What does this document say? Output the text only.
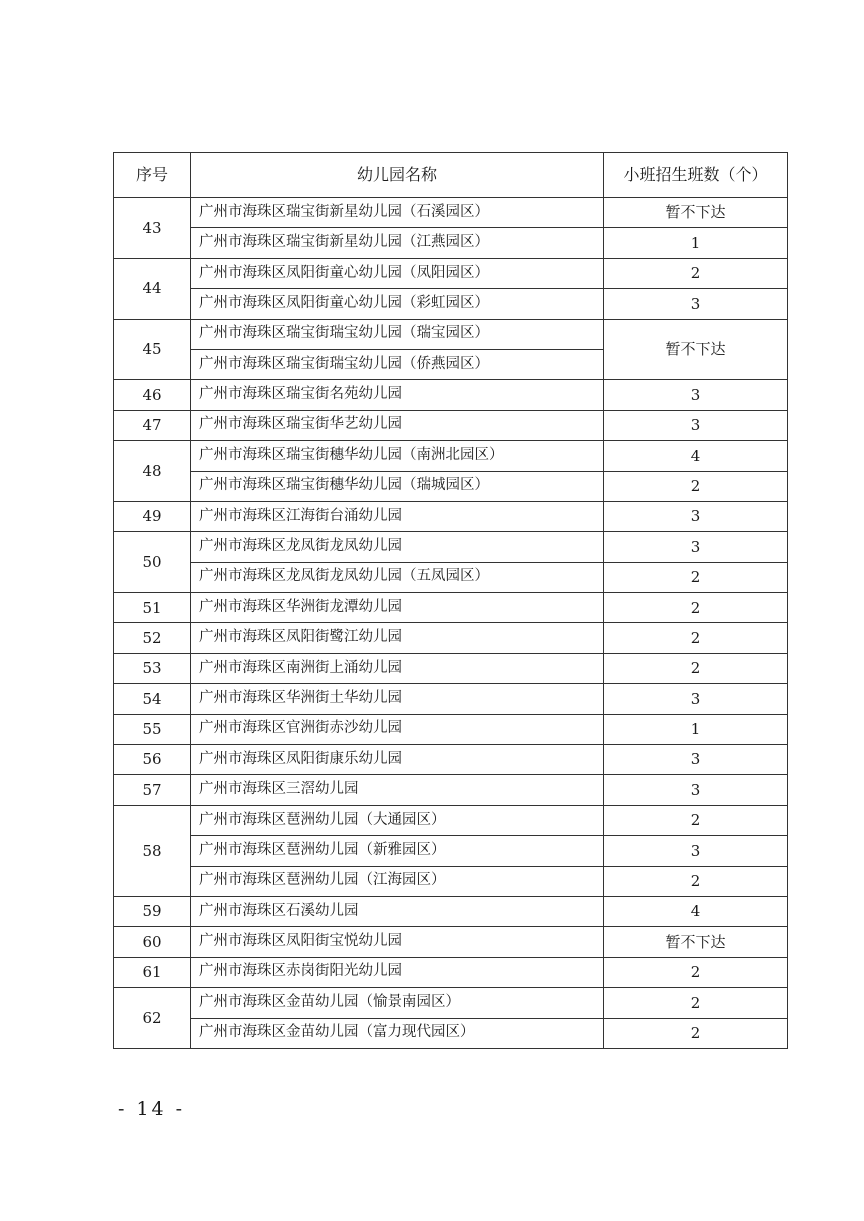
序号	幼儿园名称	小班招生班数（个）
43	广州市海珠区瑞宝街新星幼儿园（石溪园区）	暂不下达
	广州市海珠区瑞宝街新星幼儿园（江燕园区）	1
44	广州市海珠区凤阳街童心幼儿园（凤阳园区）	2
	广州市海珠区凤阳街童心幼儿园（彩虹园区）	3
45	广州市海珠区瑞宝街瑞宝幼儿园（瑞宝园区）	暂不下达
	广州市海珠区瑞宝街瑞宝幼儿园（侨燕园区）	
46	广州市海珠区瑞宝街名苑幼儿园	3
47	广州市海珠区瑞宝街华艺幼儿园	3
48	广州市海珠区瑞宝街穗华幼儿园（南洲北园区）	4
	广州市海珠区瑞宝街穗华幼儿园（瑞城园区）	2
49	广州市海珠区江海街台涌幼儿园	3
50	广州市海珠区龙凤街龙凤幼儿园	3
	广州市海珠区龙凤街龙凤幼儿园（五凤园区）	2
51	广州市海珠区华洲街龙潭幼儿园	2
52	广州市海珠区凤阳街鹭江幼儿园	2
53	广州市海珠区南洲街上涌幼儿园	2
54	广州市海珠区华洲街土华幼儿园	3
55	广州市海珠区官洲街赤沙幼儿园	1
56	广州市海珠区凤阳街康乐幼儿园	3
57	广州市海珠区三滘幼儿园	3
58	广州市海珠区琶洲幼儿园（大通园区）	2
	广州市海珠区琶洲幼儿园（新雅园区）	3
	广州市海珠区琶洲幼儿园（江海园区）	2
59	广州市海珠区石溪幼儿园	4
60	广州市海珠区凤阳街宝悦幼儿园	暂不下达
61	广州市海珠区赤岗街阳光幼儿园	2
62	广州市海珠区金苗幼儿园（愉景南园区）	2
	广州市海珠区金苗幼儿园（富力现代园区）	2
- 14 -
